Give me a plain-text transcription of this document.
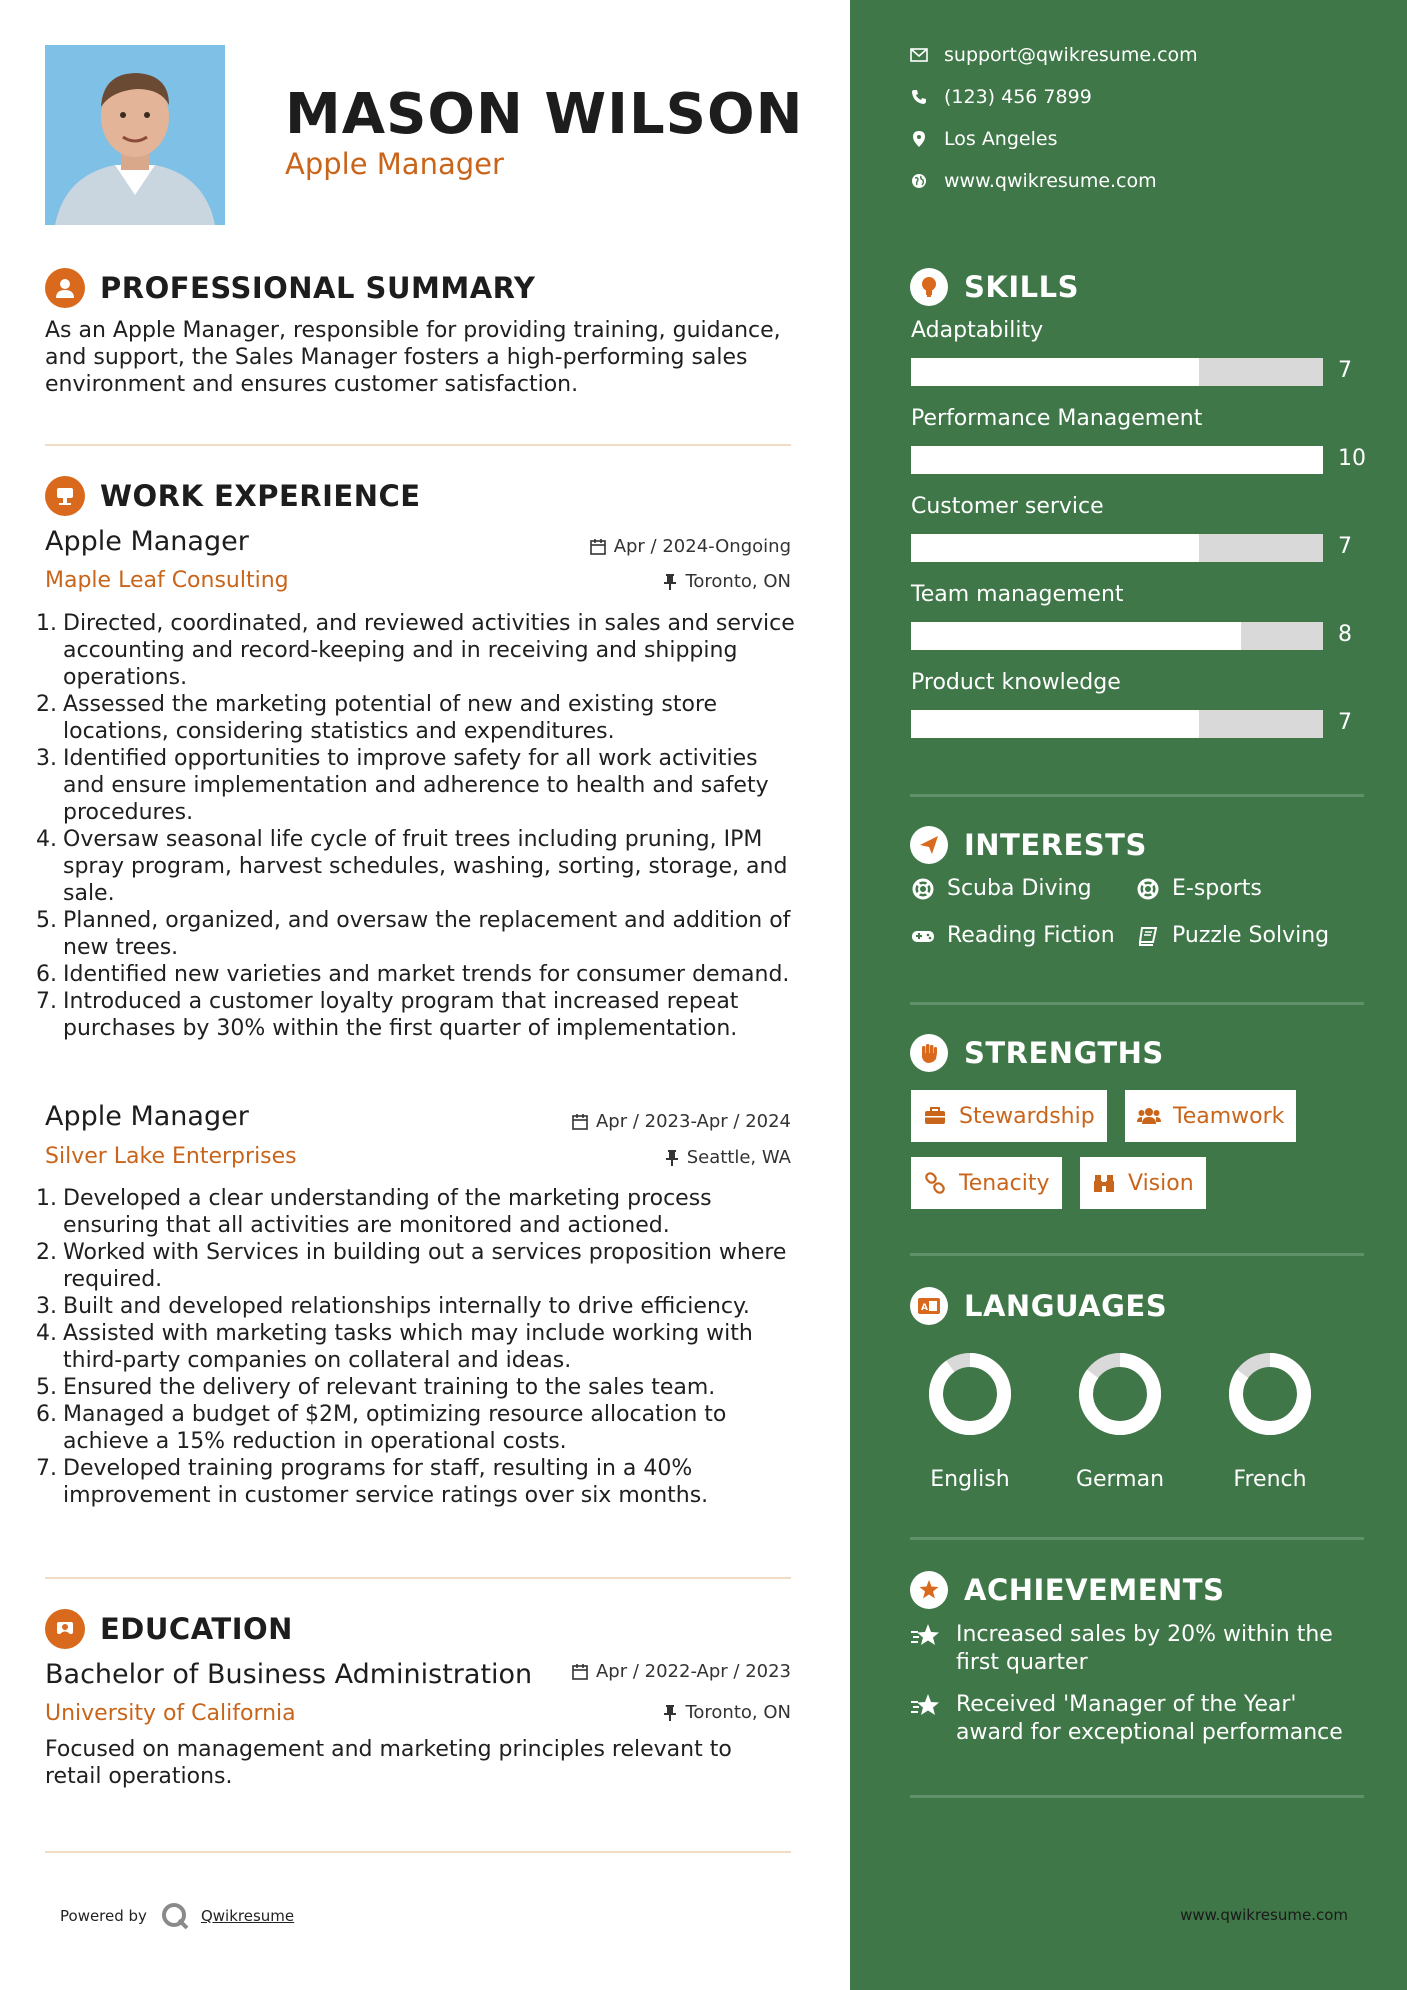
MASON WILSON
Apple Manager
PROFESSIONAL SUMMARY
As an Apple Manager, responsible for providing training, guidance, and support, the Sales Manager fosters a high-performing sales environment and ensures customer satisfaction.
WORK EXPERIENCE
Apple Manager	Apr / 2024-Ongoing
Maple Leaf Consulting	Toronto, ON
1. Directed, coordinated, and reviewed activities in sales and service accounting and record-keeping and in receiving and shipping operations.
2. Assessed the marketing potential of new and existing store locations, considering statistics and expenditures.
3. Identified opportunities to improve safety for all work activities and ensure implementation and adherence to health and safety procedures.
4. Oversaw seasonal life cycle of fruit trees including pruning, IPM spray program, harvest schedules, washing, sorting, storage, and sale.
5. Planned, organized, and oversaw the replacement and addition of new trees.
6. Identified new varieties and market trends for consumer demand.
7. Introduced a customer loyalty program that increased repeat purchases by 30% within the first quarter of implementation.
Apple Manager	Apr / 2023-Apr / 2024
Silver Lake Enterprises	Seattle, WA
1. Developed a clear understanding of the marketing process ensuring that all activities are monitored and actioned.
2. Worked with Services in building out a services proposition where required.
3. Built and developed relationships internally to drive efficiency.
4. Assisted with marketing tasks which may include working with third-party companies on collateral and ideas.
5. Ensured the delivery of relevant training to the sales team.
6. Managed a budget of $2M, optimizing resource allocation to achieve a 15% reduction in operational costs.
7. Developed training programs for staff, resulting in a 40% improvement in customer service ratings over six months.
EDUCATION
Bachelor of Business Administration	Apr / 2022-Apr / 2023
University of California	Toronto, ON
Focused on management and marketing principles relevant to retail operations.
Powered by	Qwikresume
support@qwikresume.com
(123) 456 7899
Los Angeles
www.qwikresume.com
SKILLS
Adaptability
7
Performance Management
10
Customer service
7
Team management
8
Product knowledge
7
INTERESTS
Scuba Diving	E-sports
Reading Fiction	Puzzle Solving
STRENGTHS
Stewardship	Teamwork
Tenacity	Vision
A LANGUAGES
English	German	French
ACHIEVEMENTS
Increased sales by 20% within the first quarter
Received 'Manager of the Year' award for exceptional performance
www.qwikresume.com
